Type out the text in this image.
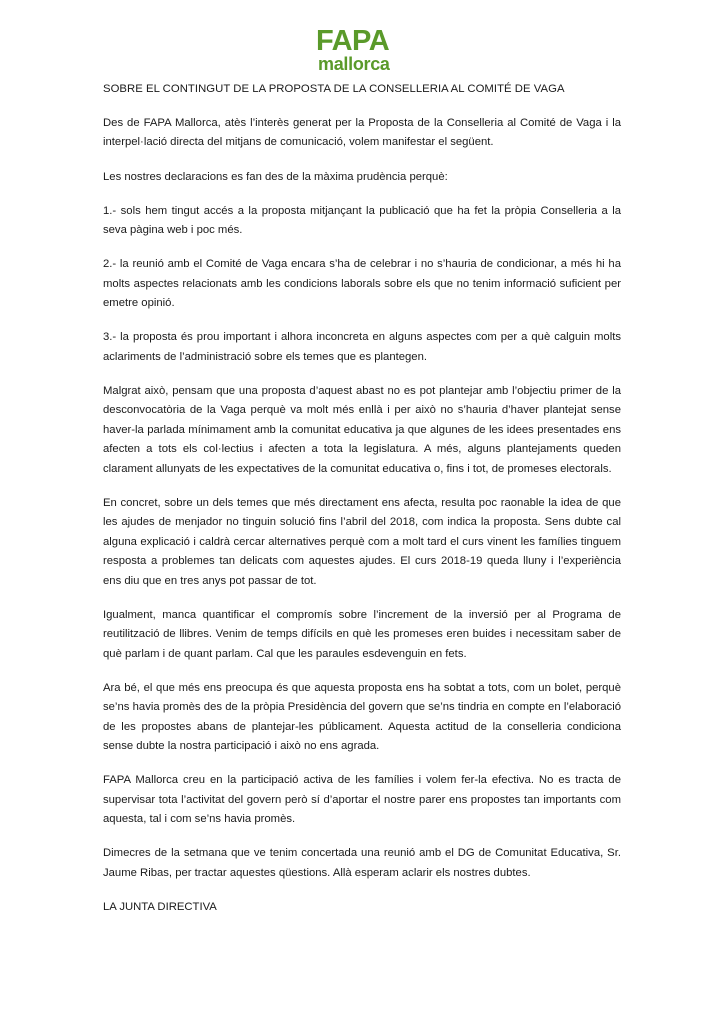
FAPA
mallorca

SOBRE EL CONTINGUT DE LA PROPOSTA DE LA CONSELLERIA AL COMITÉ DE VAGA

Des de FAPA Mallorca, atès l’interès generat per la Proposta de la Conselleria al Comité de Vaga i la interpel·lació directa del mitjans de comunicació, volem manifestar el següent.

Les nostres declaracions es fan des de la màxima prudència perquè:

1.- sols hem tingut accés a la proposta mitjançant la publicació que ha fet la pròpia Conselleria a la seva pàgina web i poc més.

2.- la reunió amb el Comité de Vaga encara s’ha de celebrar i no s’hauria de condicionar, a més hi ha molts aspectes relacionats amb les condicions laborals sobre els que no tenim informació suficient per emetre opinió.

3.- la proposta és prou important i alhora inconcreta en alguns aspectes com per a què calguin molts aclariments de l’administració sobre els temes que es plantegen.

Malgrat això, pensam que una proposta d’aquest abast no es pot plantejar amb l’objectiu primer de la desconvocatòria de la Vaga perquè va molt més enllà i per això no s’hauria d’haver plantejat sense haver-la parlada mínimament amb la comunitat educativa ja que algunes de les idees presentades ens afecten a tots els col·lectius i afecten a tota la legislatura. A més, alguns plantejaments queden clarament allunyats de les expectatives de la comunitat educativa o, fins i tot, de promeses electorals.

En concret, sobre un dels temes que més directament ens afecta, resulta poc raonable la idea de que les ajudes de menjador no tinguin solució fins l’abril del 2018, com indica la proposta. Sens dubte cal alguna explicació i caldrà cercar alternatives perquè com a molt tard el curs vinent les famílies tinguem resposta a problemes tan delicats com aquestes ajudes. El curs 2018-19 queda lluny i l’experiència ens diu que en tres anys pot passar de tot.

Igualment, manca quantificar el compromís sobre l’increment de la inversió per al Programa de reutilització de llibres. Venim de temps difícils en què les promeses eren buides i necessitam saber de què parlam i de quant parlam. Cal que les paraules esdevenguin en fets.

Ara bé, el que més ens preocupa és que aquesta proposta ens ha sobtat a tots, com un bolet, perquè se’ns havia promès des de la pròpia Presidència del govern que se’ns tindria en compte en l’elaboració de les propostes abans de plantejar-les públicament. Aquesta actitud de la conselleria condiciona sense dubte la nostra participació i això no ens agrada.

FAPA Mallorca creu en la participació activa de les famílies i volem fer-la efectiva. No es tracta de supervisar tota l’activitat del govern però sí d’aportar el nostre parer ens propostes tan importants com aquesta, tal i com se’ns havia promès.

Dimecres de la setmana que ve tenim concertada una reunió amb el DG de Comunitat Educativa, Sr. Jaume Ribas, per tractar aquestes qüestions. Allà esperam aclarir els nostres dubtes.

LA JUNTA DIRECTIVA
